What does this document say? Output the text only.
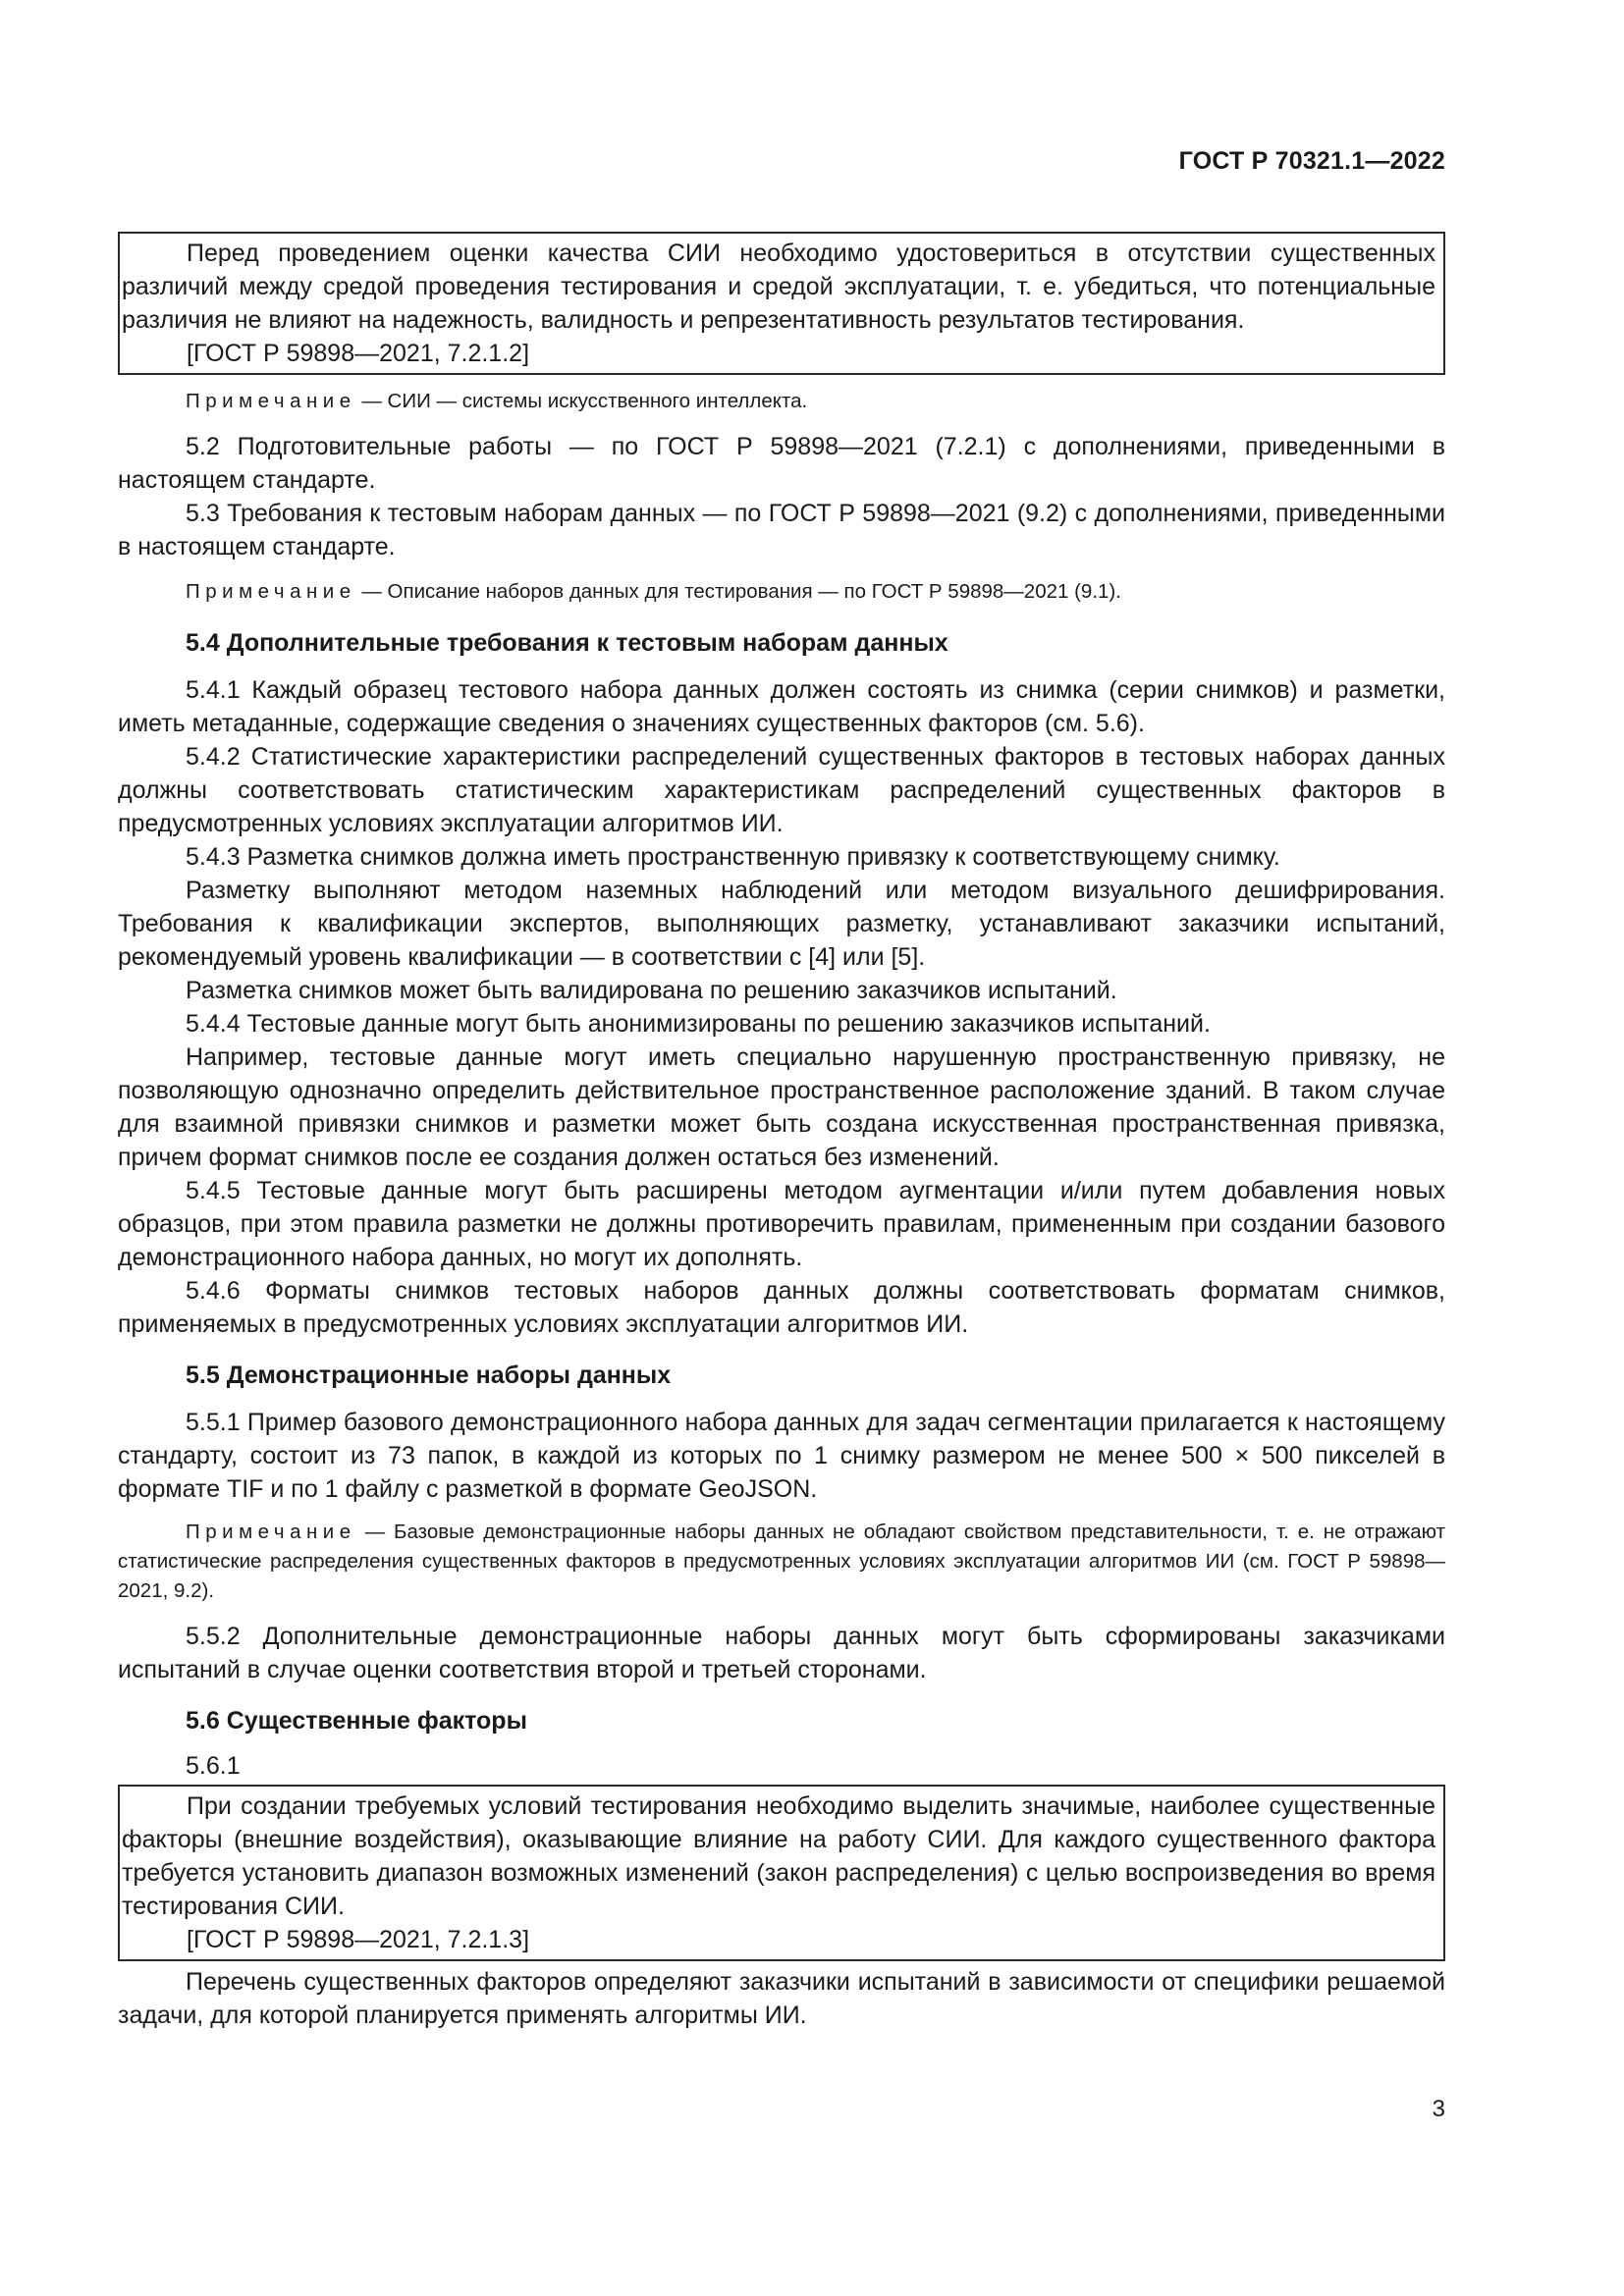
ГОСТ Р 70321.1—2022

Перед проведением оценки качества СИИ необходимо удостовериться в отсутствии существенных различий между средой проведения тестирования и средой эксплуатации, т. е. убедиться, что потенциальные различия не влияют на надежность, валидность и репрезентативность результатов тестирования.

[ГОСТ Р 59898—2021, 7.2.1.2]

Примечание — СИИ — системы искусственного интеллекта.

5.2 Подготовительные работы — по ГОСТ Р 59898—2021 (7.2.1) с дополнениями, приведенными в настоящем стандарте.

5.3 Требования к тестовым наборам данных — по ГОСТ Р 59898—2021 (9.2) с дополнениями, приведенными в настоящем стандарте.

Примечание — Описание наборов данных для тестирования — по ГОСТ Р 59898—2021 (9.1).

5.4 Дополнительные требования к тестовым наборам данных

5.4.1 Каждый образец тестового набора данных должен состоять из снимка (серии снимков) и разметки, иметь метаданные, содержащие сведения о значениях существенных факторов (см. 5.6).

5.4.2 Статистические характеристики распределений существенных факторов в тестовых наборах данных должны соответствовать статистическим характеристикам распределений существенных факторов в предусмотренных условиях эксплуатации алгоритмов ИИ.

5.4.3 Разметка снимков должна иметь пространственную привязку к соответствующему снимку.

Разметку выполняют методом наземных наблюдений или методом визуального дешифрирования. Требования к квалификации экспертов, выполняющих разметку, устанавливают заказчики испытаний, рекомендуемый уровень квалификации — в соответствии с [4] или [5].

Разметка снимков может быть валидирована по решению заказчиков испытаний.

5.4.4 Тестовые данные могут быть анонимизированы по решению заказчиков испытаний.

Например, тестовые данные могут иметь специально нарушенную пространственную привязку, не позволяющую однозначно определить действительное пространственное расположение зданий. В таком случае для взаимной привязки снимков и разметки может быть создана искусственная пространственная привязка, причем формат снимков после ее создания должен остаться без изменений.

5.4.5 Тестовые данные могут быть расширены методом аугментации и/или путем добавления новых образцов, при этом правила разметки не должны противоречить правилам, примененным при создании базового демонстрационного набора данных, но могут их дополнять.

5.4.6 Форматы снимков тестовых наборов данных должны соответствовать форматам снимков, применяемых в предусмотренных условиях эксплуатации алгоритмов ИИ.

5.5 Демонстрационные наборы данных

5.5.1 Пример базового демонстрационного набора данных для задач сегментации прилагается к настоящему стандарту, состоит из 73 папок, в каждой из которых по 1 снимку размером не менее 500 × 500 пикселей в формате TIF и по 1 файлу с разметкой в формате GeoJSON.

Примечание — Базовые демонстрационные наборы данных не обладают свойством представительности, т. е. не отражают статистические распределения существенных факторов в предусмотренных условиях эксплуатации алгоритмов ИИ (см. ГОСТ Р 59898—2021, 9.2).

5.5.2 Дополнительные демонстрационные наборы данных могут быть сформированы заказчиками испытаний в случае оценки соответствия второй и третьей сторонами.

5.6 Существенные факторы

5.6.1

При создании требуемых условий тестирования необходимо выделить значимые, наиболее существенные факторы (внешние воздействия), оказывающие влияние на работу СИИ. Для каждого существенного фактора требуется установить диапазон возможных изменений (закон распределения) с целью воспроизведения во время тестирования СИИ.

[ГОСТ Р 59898—2021, 7.2.1.3]

Перечень существенных факторов определяют заказчики испытаний в зависимости от специфики решаемой задачи, для которой планируется применять алгоритмы ИИ.

3
